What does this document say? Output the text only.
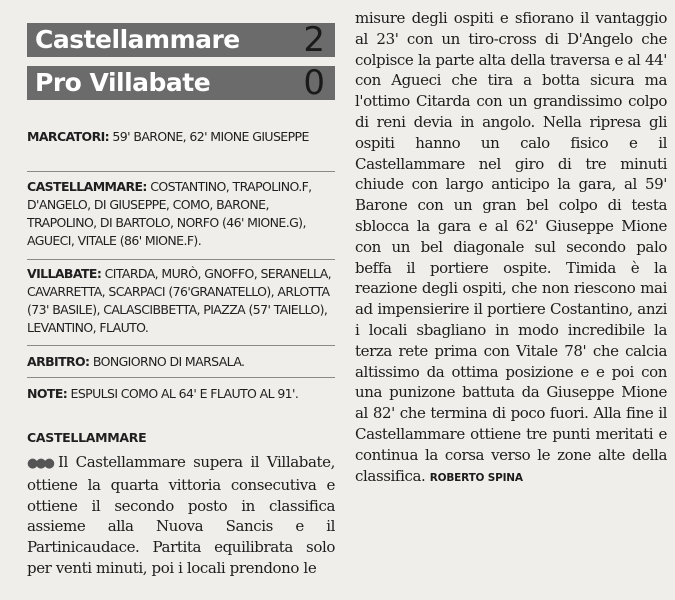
Castellammare 2
Pro Villabate	0
MARCATORI: 59' BARONE, 62' MIONE GIUSEPPE
CASTELLAMMARE: COSTANTINO, TRAPOLINO.F, D'ANGELO, DI GIUSEPPE, COMO, BARONE, TRAPOLINO, DI BARTOLO, NORFO (46' MIONE.G), AGUECI, VITALE (86' MIONE.F).
VILLABATE: CITARDA, MURÒ, GNOFFO, SERANELLA, CAVARRETTA, SCARPACI (76'GRANATELLO), ARLOTTA (73' BASILE), CALASCIBBETTA, PIAZZA (57' TAIELLO), LEVANTINO, FLAUTO.
ARBITRO: BONGIORNO DI MARSALA.
NOTE: ESPULSI COMO AL 64' E FLAUTO AL 91'.
CASTELLAMMARE
●●● Il Castellammare supera il Villabate, ottiene la quarta vittoria consecutiva e ottiene il secondo posto in classifica assieme alla Nuova Sancis e il Partinicaudace. Partita equilibrata solo per venti minuti, poi i locali prendono le
misure degli ospiti e sfiorano il vantaggio al 23' con un tiro-cross di D'Angelo che colpisce la parte alta della traversa e al 44' con Agueci che tira a botta sicura ma l'ottimo Citarda con un grandissimo colpo di reni devia in angolo. Nella ripresa gli ospiti hanno un calo fisico e il Castellammare nel giro di tre minuti chiude con largo anticipo la gara, al 59' Barone con un gran bel colpo di testa sblocca la gara e al 62' Giuseppe Mione con un bel diagonale sul secondo palo beffa il portiere ospite. Timida è la reazione degli ospiti, che non riescono mai ad impensierire il portiere Costantino, anzi i locali sbagliano in modo incredibile la terza rete prima con Vitale 78' che calcia altissimo da ottima posizione e e poi con una punizone battuta da Giuseppe Mione al 82' che termina di poco fuori. Alla fine il Castellammare ottiene tre punti meritati e continua la corsa verso le zone alte della classifica. ROBERTO SPINA
